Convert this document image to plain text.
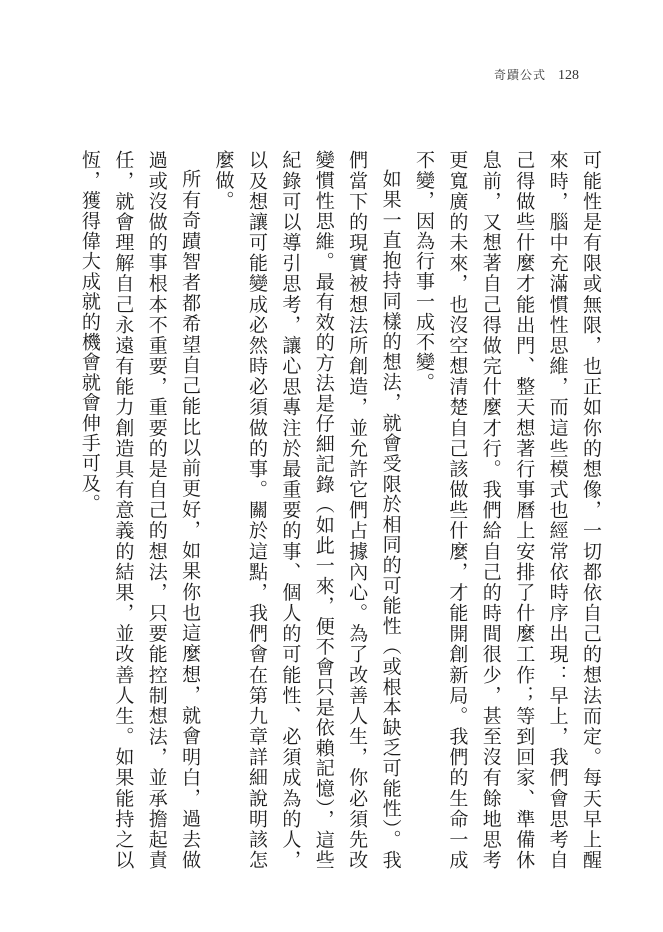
奇蹟公式 128

可能性是有限或無限，也正如你的想像，一切都依自己的想法而定。每天早上醒來時，腦中充滿慣性思維，而這些模式也經常依時序出現：早上，我們會思考自己得做些什麼才能出門、整天想著行事曆上安排了什麼工作；等到回家、準備休息前，又想著自己得做完什麼才行。我們給自己的時間很少，甚至沒有餘地思考更寬廣的未來，也沒空想清楚自己該做些什麼，才能開創新局。我們的生命一成不變，因為行事一成不變。

如果一直抱持同樣的想法，就會受限於相同的可能性（或根本缺乏可能性）。我們當下的現實被想法所創造，並允許它們占據內心。為了改善人生，你必須先改變慣性思維。最有效的方法是仔細記錄（如此一來，便不會只是依賴記憶），這些紀錄可以導引思考，讓心思專注於最重要的事、個人的可能性、必須成為的人，以及想讓可能變成必然時必須做的事。關於這點，我們會在第九章詳細說明該怎麼做。

所有奇蹟智者都希望自己能比以前更好，如果你也這麼想，就會明白，過去做過或沒做的事根本不重要，重要的是自己的想法，只要能控制想法，並承擔起責任，就會理解自己永遠有能力創造具有意義的結果，並改善人生。如果能持之以恆，獲得偉大成就的機會就會伸手可及。
